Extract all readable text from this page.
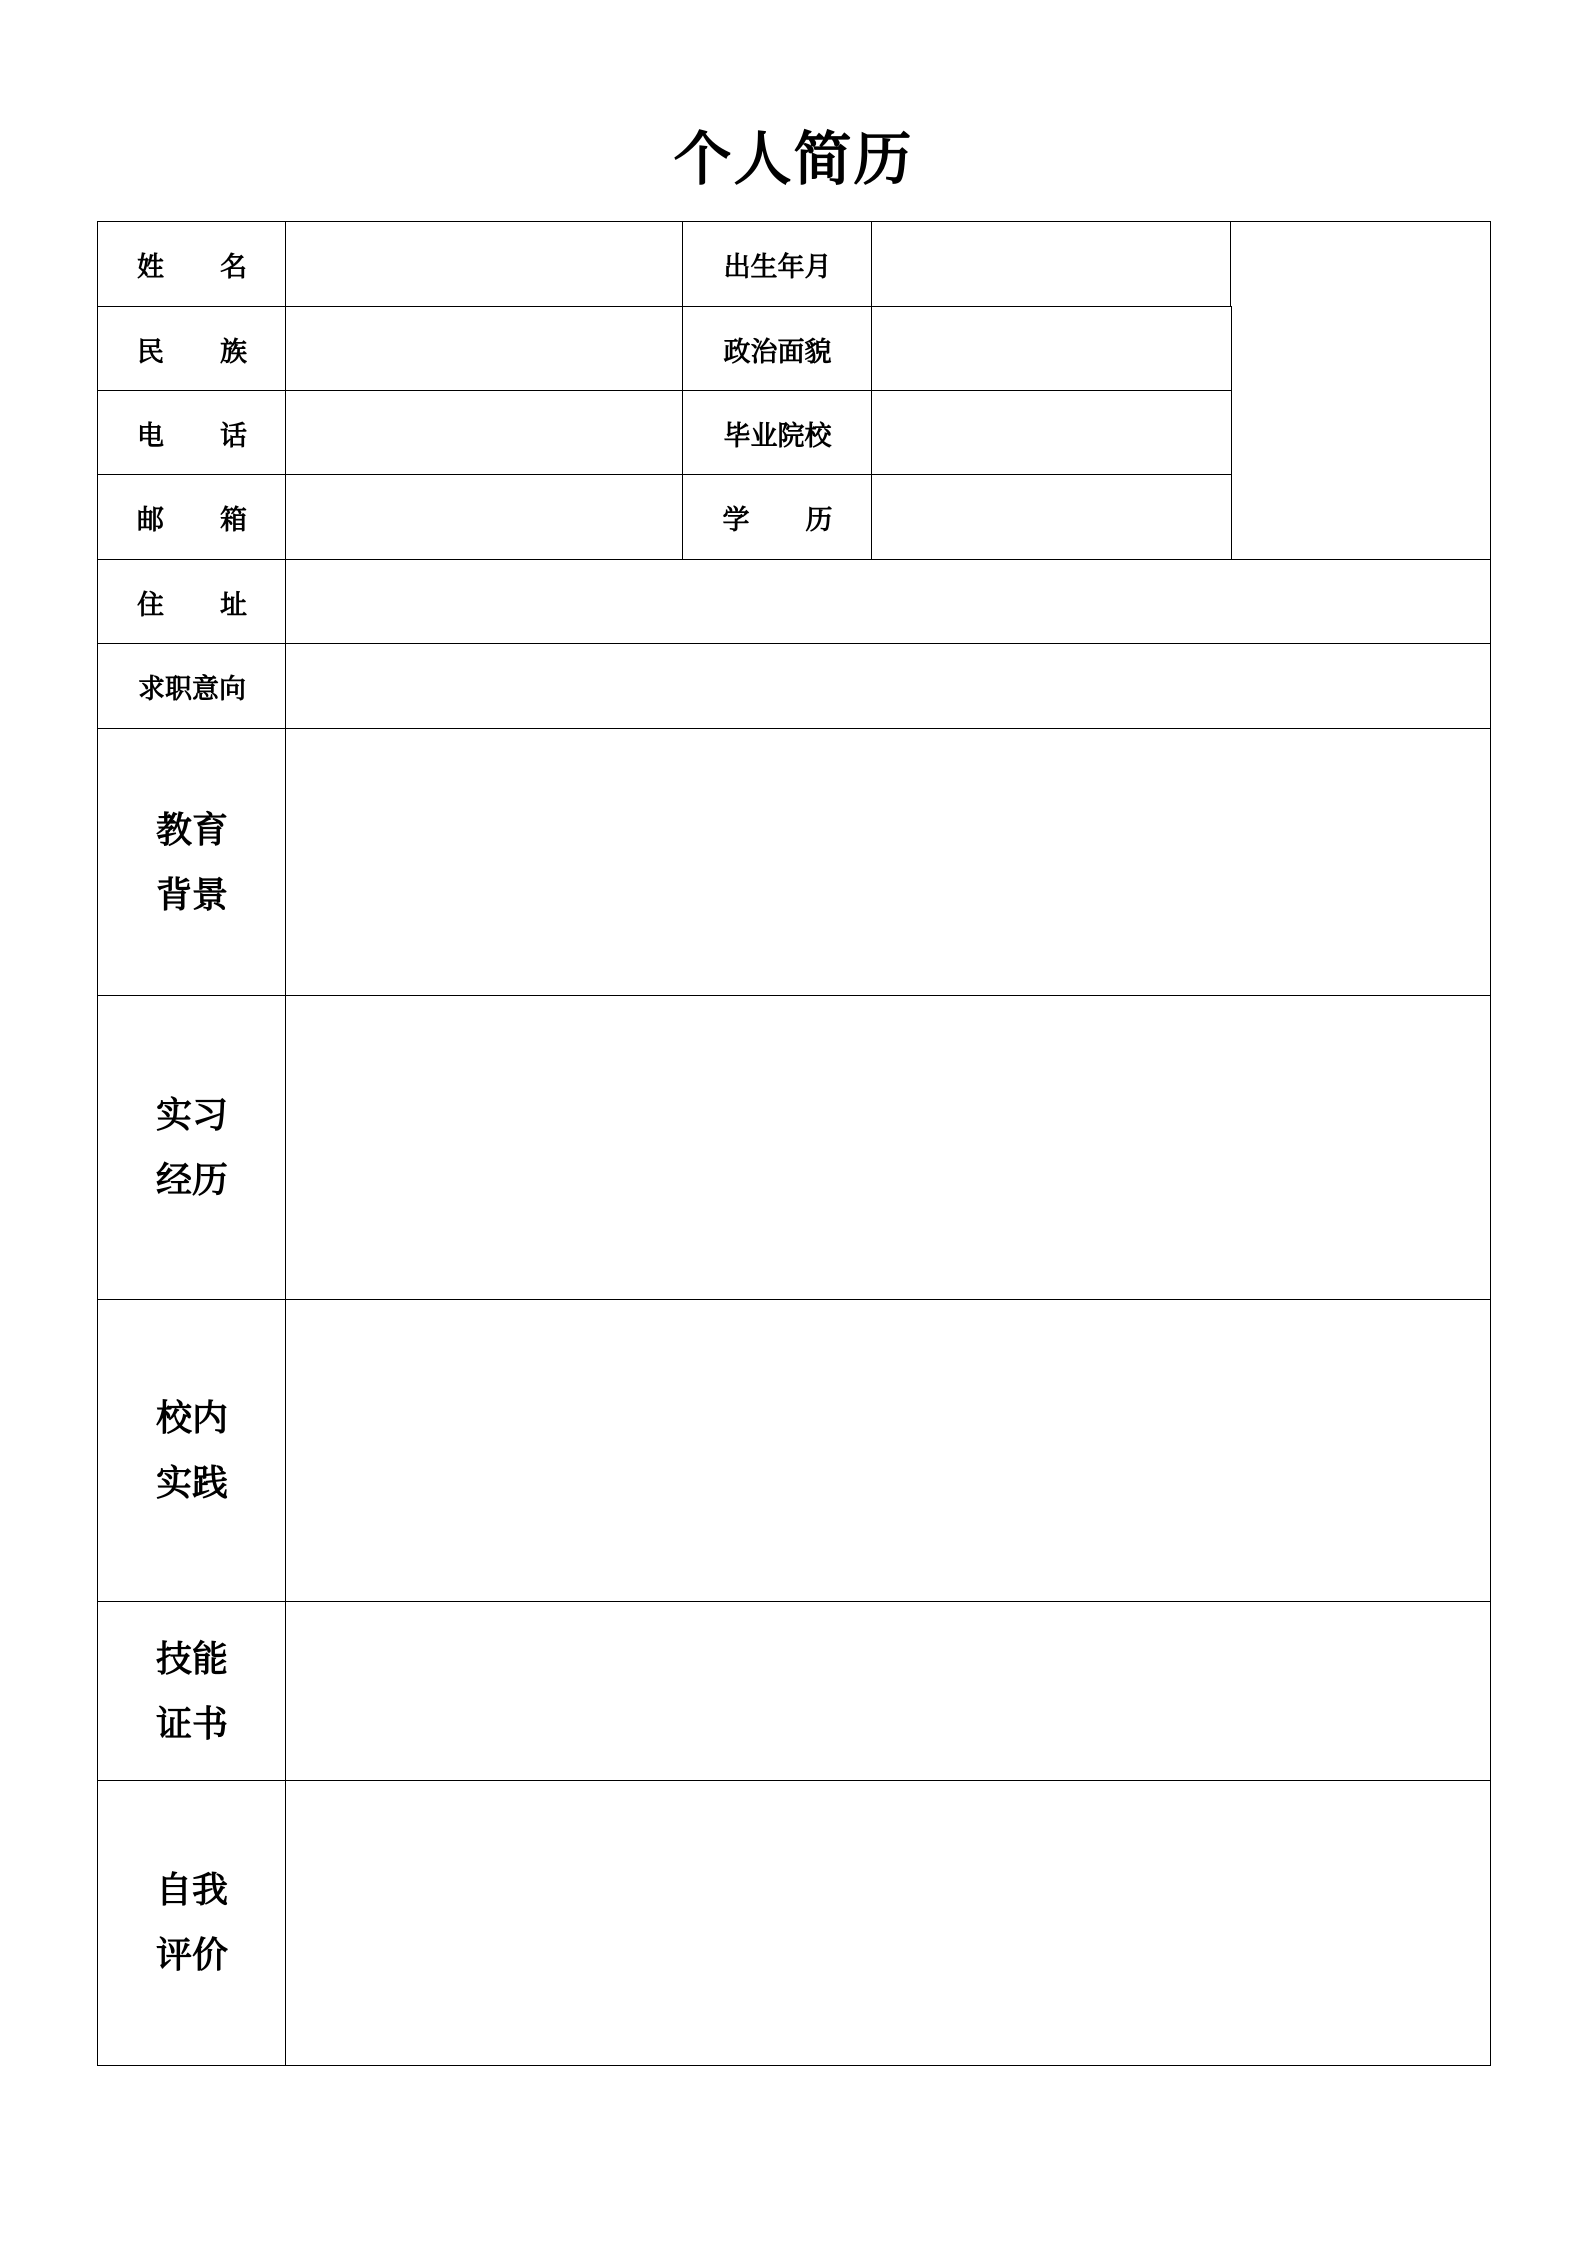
个人简历
姓 名	出生年月
民 族	政治面貌
电 话	毕业院校
邮 箱	学 历
住 址
求职意向
教育
背景
实习
经历
校内
实践
技能
证书
自我
评价
